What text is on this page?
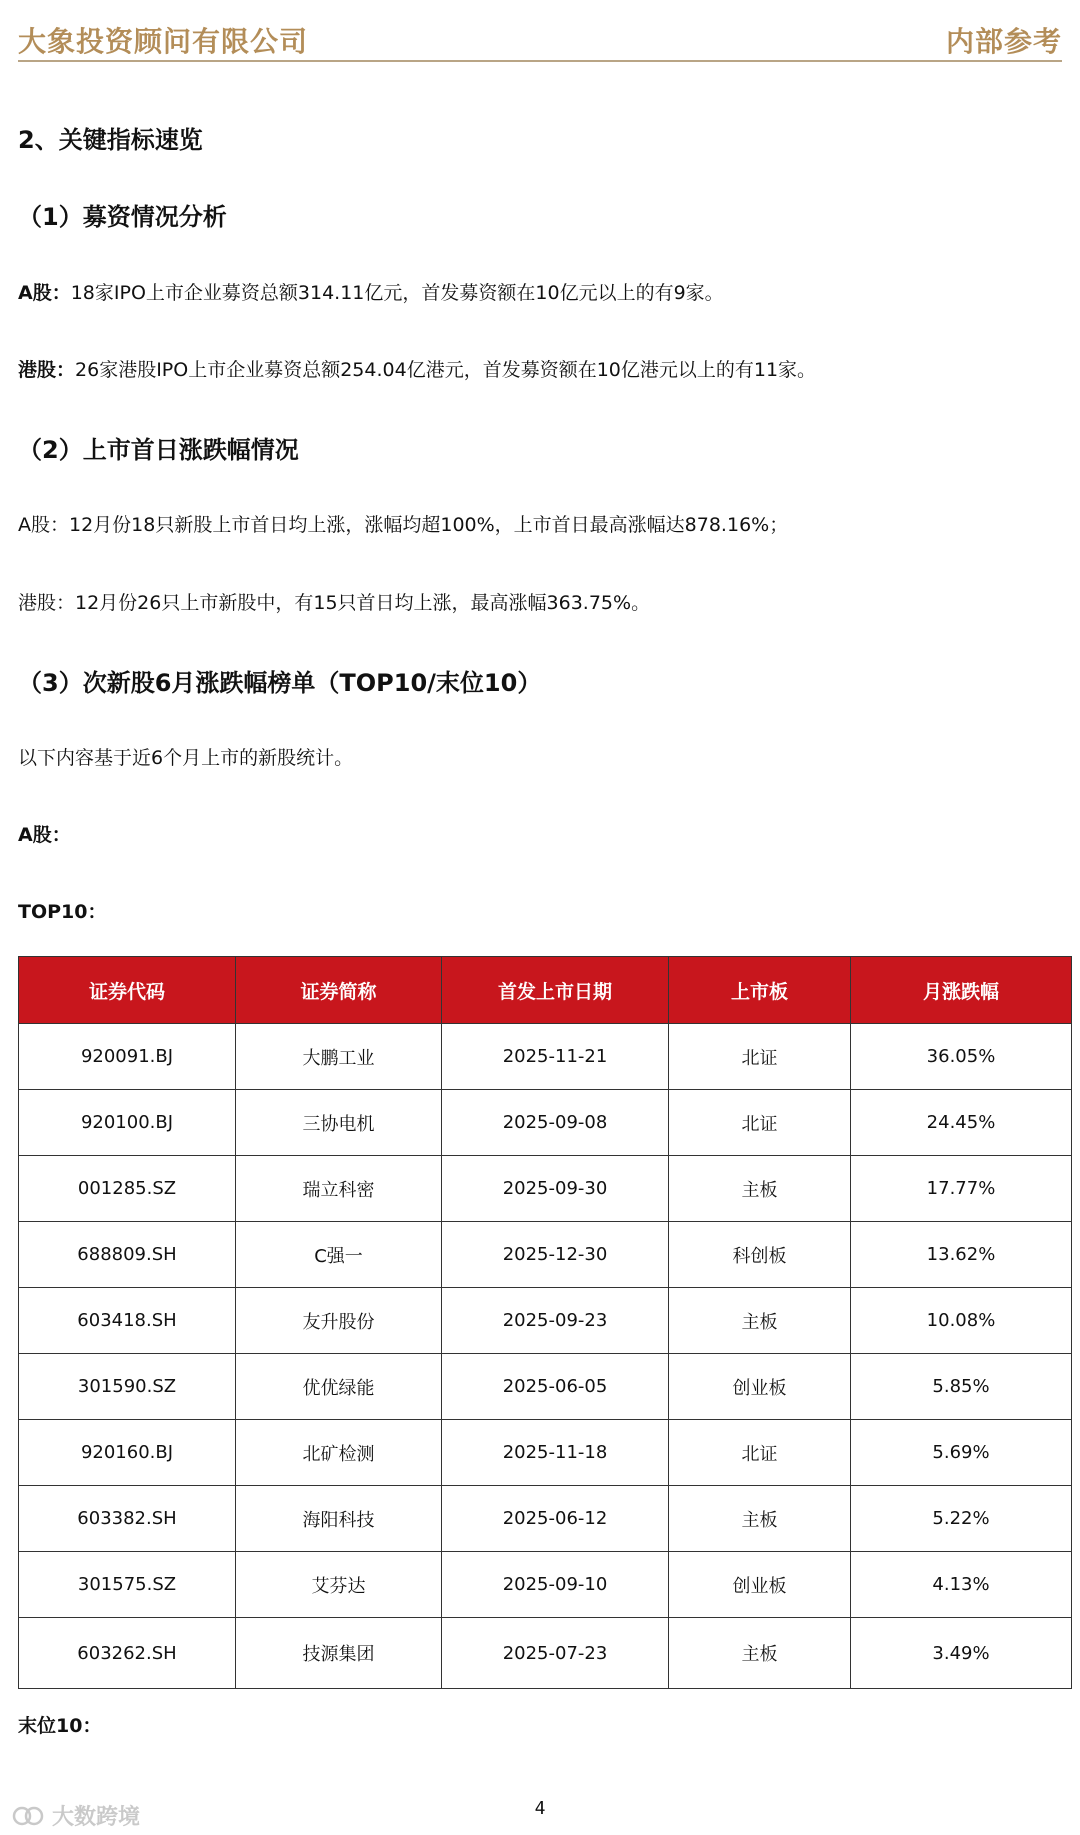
大象投资顾问有限公司	内部参考
2、关键指标速览
（1）募资情况分析
A股：18家IPO上市企业募资总额314.11亿元，首发募资额在10亿元以上的有9家。
港股：26家港股IPO上市企业募资总额254.04亿港元，首发募资额在10亿港元以上的有11家。
（2）上市首日涨跌幅情况
A股：12月份18只新股上市首日均上涨，涨幅均超100%，上市首日最高涨幅达878.16%；
港股：12月份26只上市新股中，有15只首日均上涨，最高涨幅363.75%。
（3）次新股6月涨跌幅榜单（TOP10/末位10）
以下内容基于近6个月上市的新股统计。
A股：
TOP10：
证券代码	证券简称	首发上市日期	上市板	月涨跌幅
920091.BJ	大鹏工业	2025-11-21	北证	36.05%
920100.BJ	三协电机	2025-09-08	北证	24.45%
001285.SZ	瑞立科密	2025-09-30	主板	17.77%
688809.SH	C强一	2025-12-30	科创板	13.62%
603418.SH	友升股份	2025-09-23	主板	10.08%
301590.SZ	优优绿能	2025-06-05	创业板	5.85%
920160.BJ	北矿检测	2025-11-18	北证	5.69%
603382.SH	海阳科技	2025-06-12	主板	5.22%
301575.SZ	艾芬达	2025-09-10	创业板	4.13%
603262.SH	技源集团	2025-07-23	主板	3.49%
末位10：
4
大数跨境
